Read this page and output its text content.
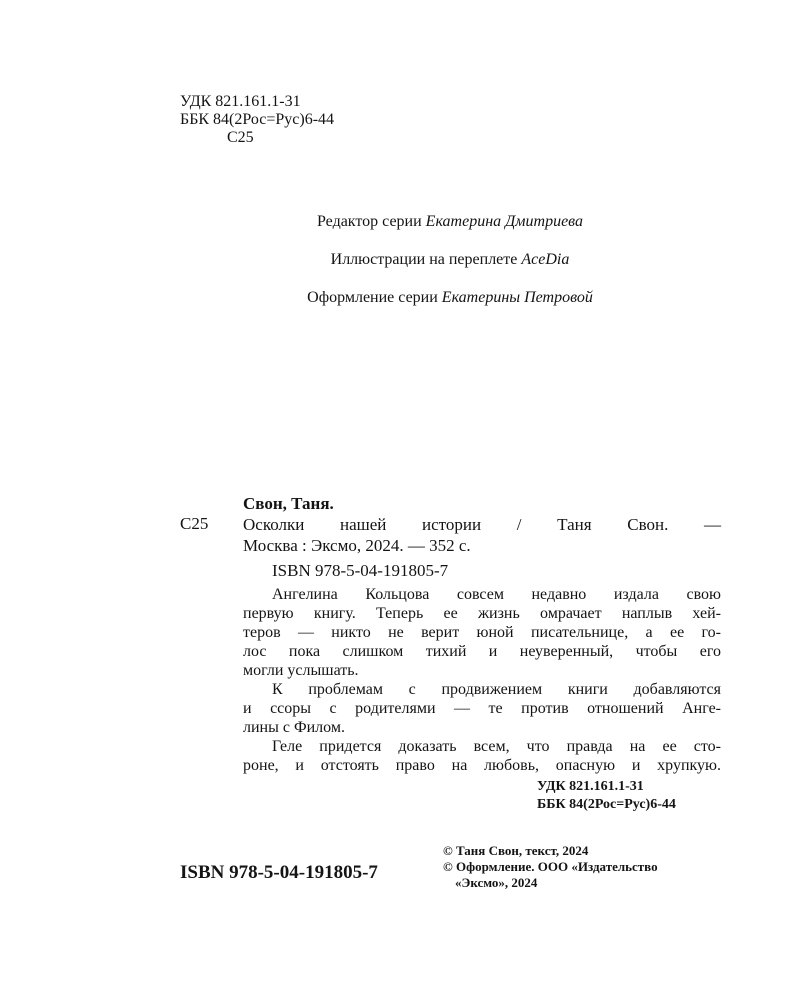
УДК 821.161.1-31
ББК 84(2Рос=Рус)6-44
С25
Редактор серии Екатерина Дмитриева
Иллюстрации на переплете AceDia
Оформление серии Екатерины Петровой
Свон, Таня.
С25 Осколки нашей истории / Таня Свон. —
Москва : Эксмо, 2024. — 352 с.
ISBN 978-5-04-191805-7

Ангелина Кольцова совсем недавно издала свою
первую книгу. Теперь ее жизнь омрачает наплыв хей-
теров — никто не верит юной писательнице, а ее го-
лос пока слишком тихий и неуверенный, чтобы его
могли услышать.

К проблемам с продвижением книги добавляются
и ссоры с родителями — те против отношений Анге-
лины с Филом.

Геле придется доказать всем, что правда на ее сто-
роне, и отстоять право на любовь, опасную и хрупкую.

УДК 821.161.1-31
ББК 84(2Рос=Рус)6-44
ISBN 978-5-04-191805-7
© Таня Свон, текст, 2024
© Оформление. ООО «Издательство
«Эксмо», 2024
